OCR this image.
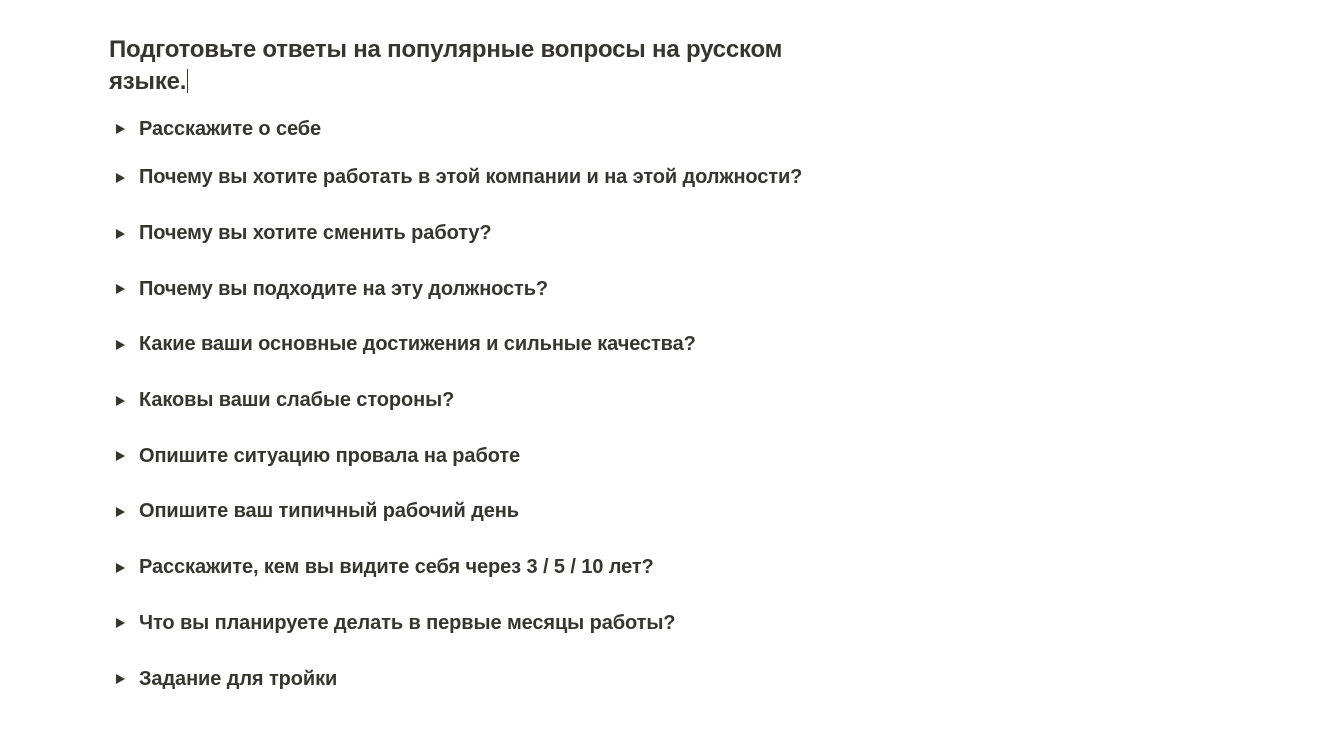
Подготовьте ответы на популярные вопросы на русском
языке.
Расскажите о себе
Почему вы хотите работать в этой компании и на этой должности?
Почему вы хотите сменить работу?
Почему вы подходите на эту должность?
Какие ваши основные достижения и сильные качества?
Каковы ваши слабые стороны?
Опишите ситуацию провала на работе
Опишите ваш типичный рабочий день
Расскажите, кем вы видите себя через 3 / 5 / 10 лет?
Что вы планируете делать в первые месяцы работы?
Задание для тройки
